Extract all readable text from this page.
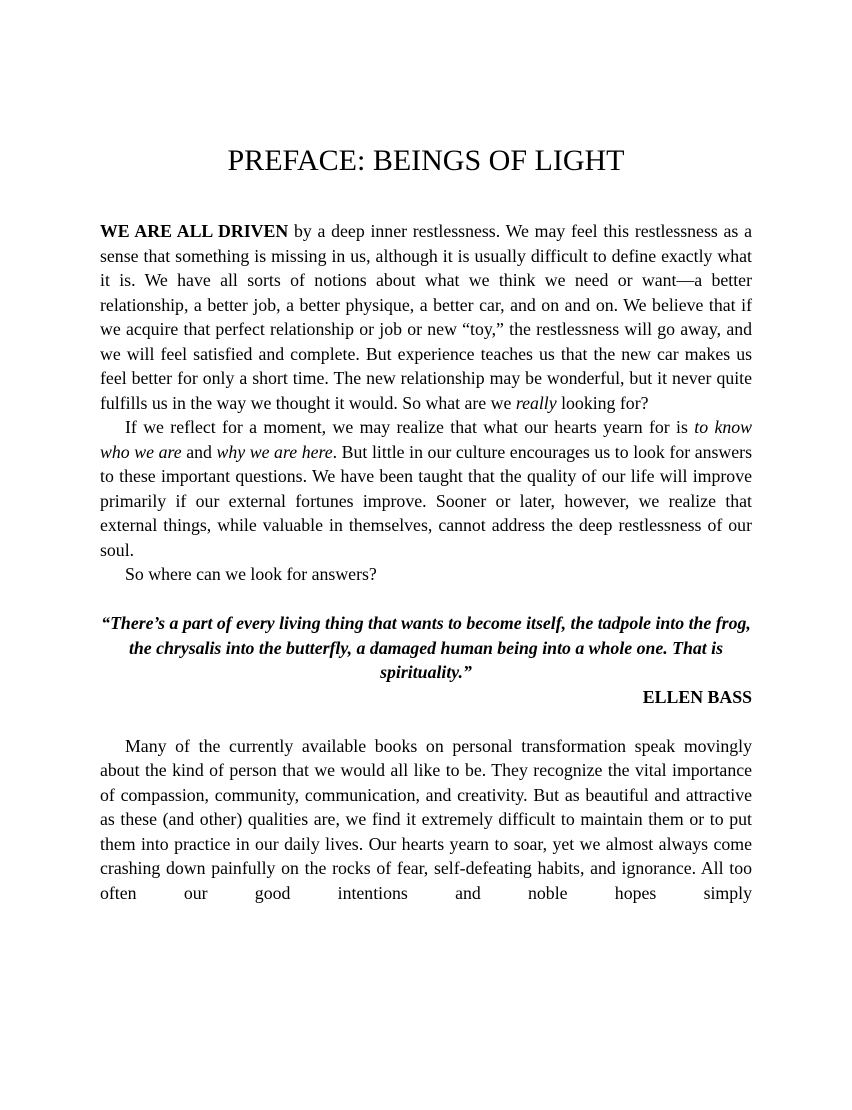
PREFACE: BEINGS OF LIGHT

WE ARE ALL DRIVEN by a deep inner restlessness. We may feel this restlessness as a sense that something is missing in us, although it is usually difficult to define exactly what it is. We have all sorts of notions about what we think we need or want—a better relationship, a better job, a better physique, a better car, and on and on. We believe that if we acquire that perfect relationship or job or new “toy,” the restlessness will go away, and we will feel satisfied and complete. But experience teaches us that the new car makes us feel better for only a short time. The new relationship may be wonderful, but it never quite fulfills us in the way we thought it would. So what are we really looking for?

If we reflect for a moment, we may realize that what our hearts yearn for is to know who we are and why we are here. But little in our culture encourages us to look for answers to these important questions. We have been taught that the quality of our life will improve primarily if our external fortunes improve. Sooner or later, however, we realize that external things, while valuable in themselves, cannot address the deep restlessness of our soul.

So where can we look for answers?

“There’s a part of every living thing that wants to become itself, the tadpole into the frog, the chrysalis into the butterfly, a damaged human being into a whole one. That is spirituality.”

ELLEN BASS

Many of the currently available books on personal transformation speak movingly about the kind of person that we would all like to be. They recognize the vital importance of compassion, community, communication, and creativity. But as beautiful and attractive as these (and other) qualities are, we find it extremely difficult to maintain them or to put them into practice in our daily lives. Our hearts yearn to soar, yet we almost always come crashing down painfully on the rocks of fear, self-defeating habits, and ignorance. All too often our good intentions and noble hopes simply
